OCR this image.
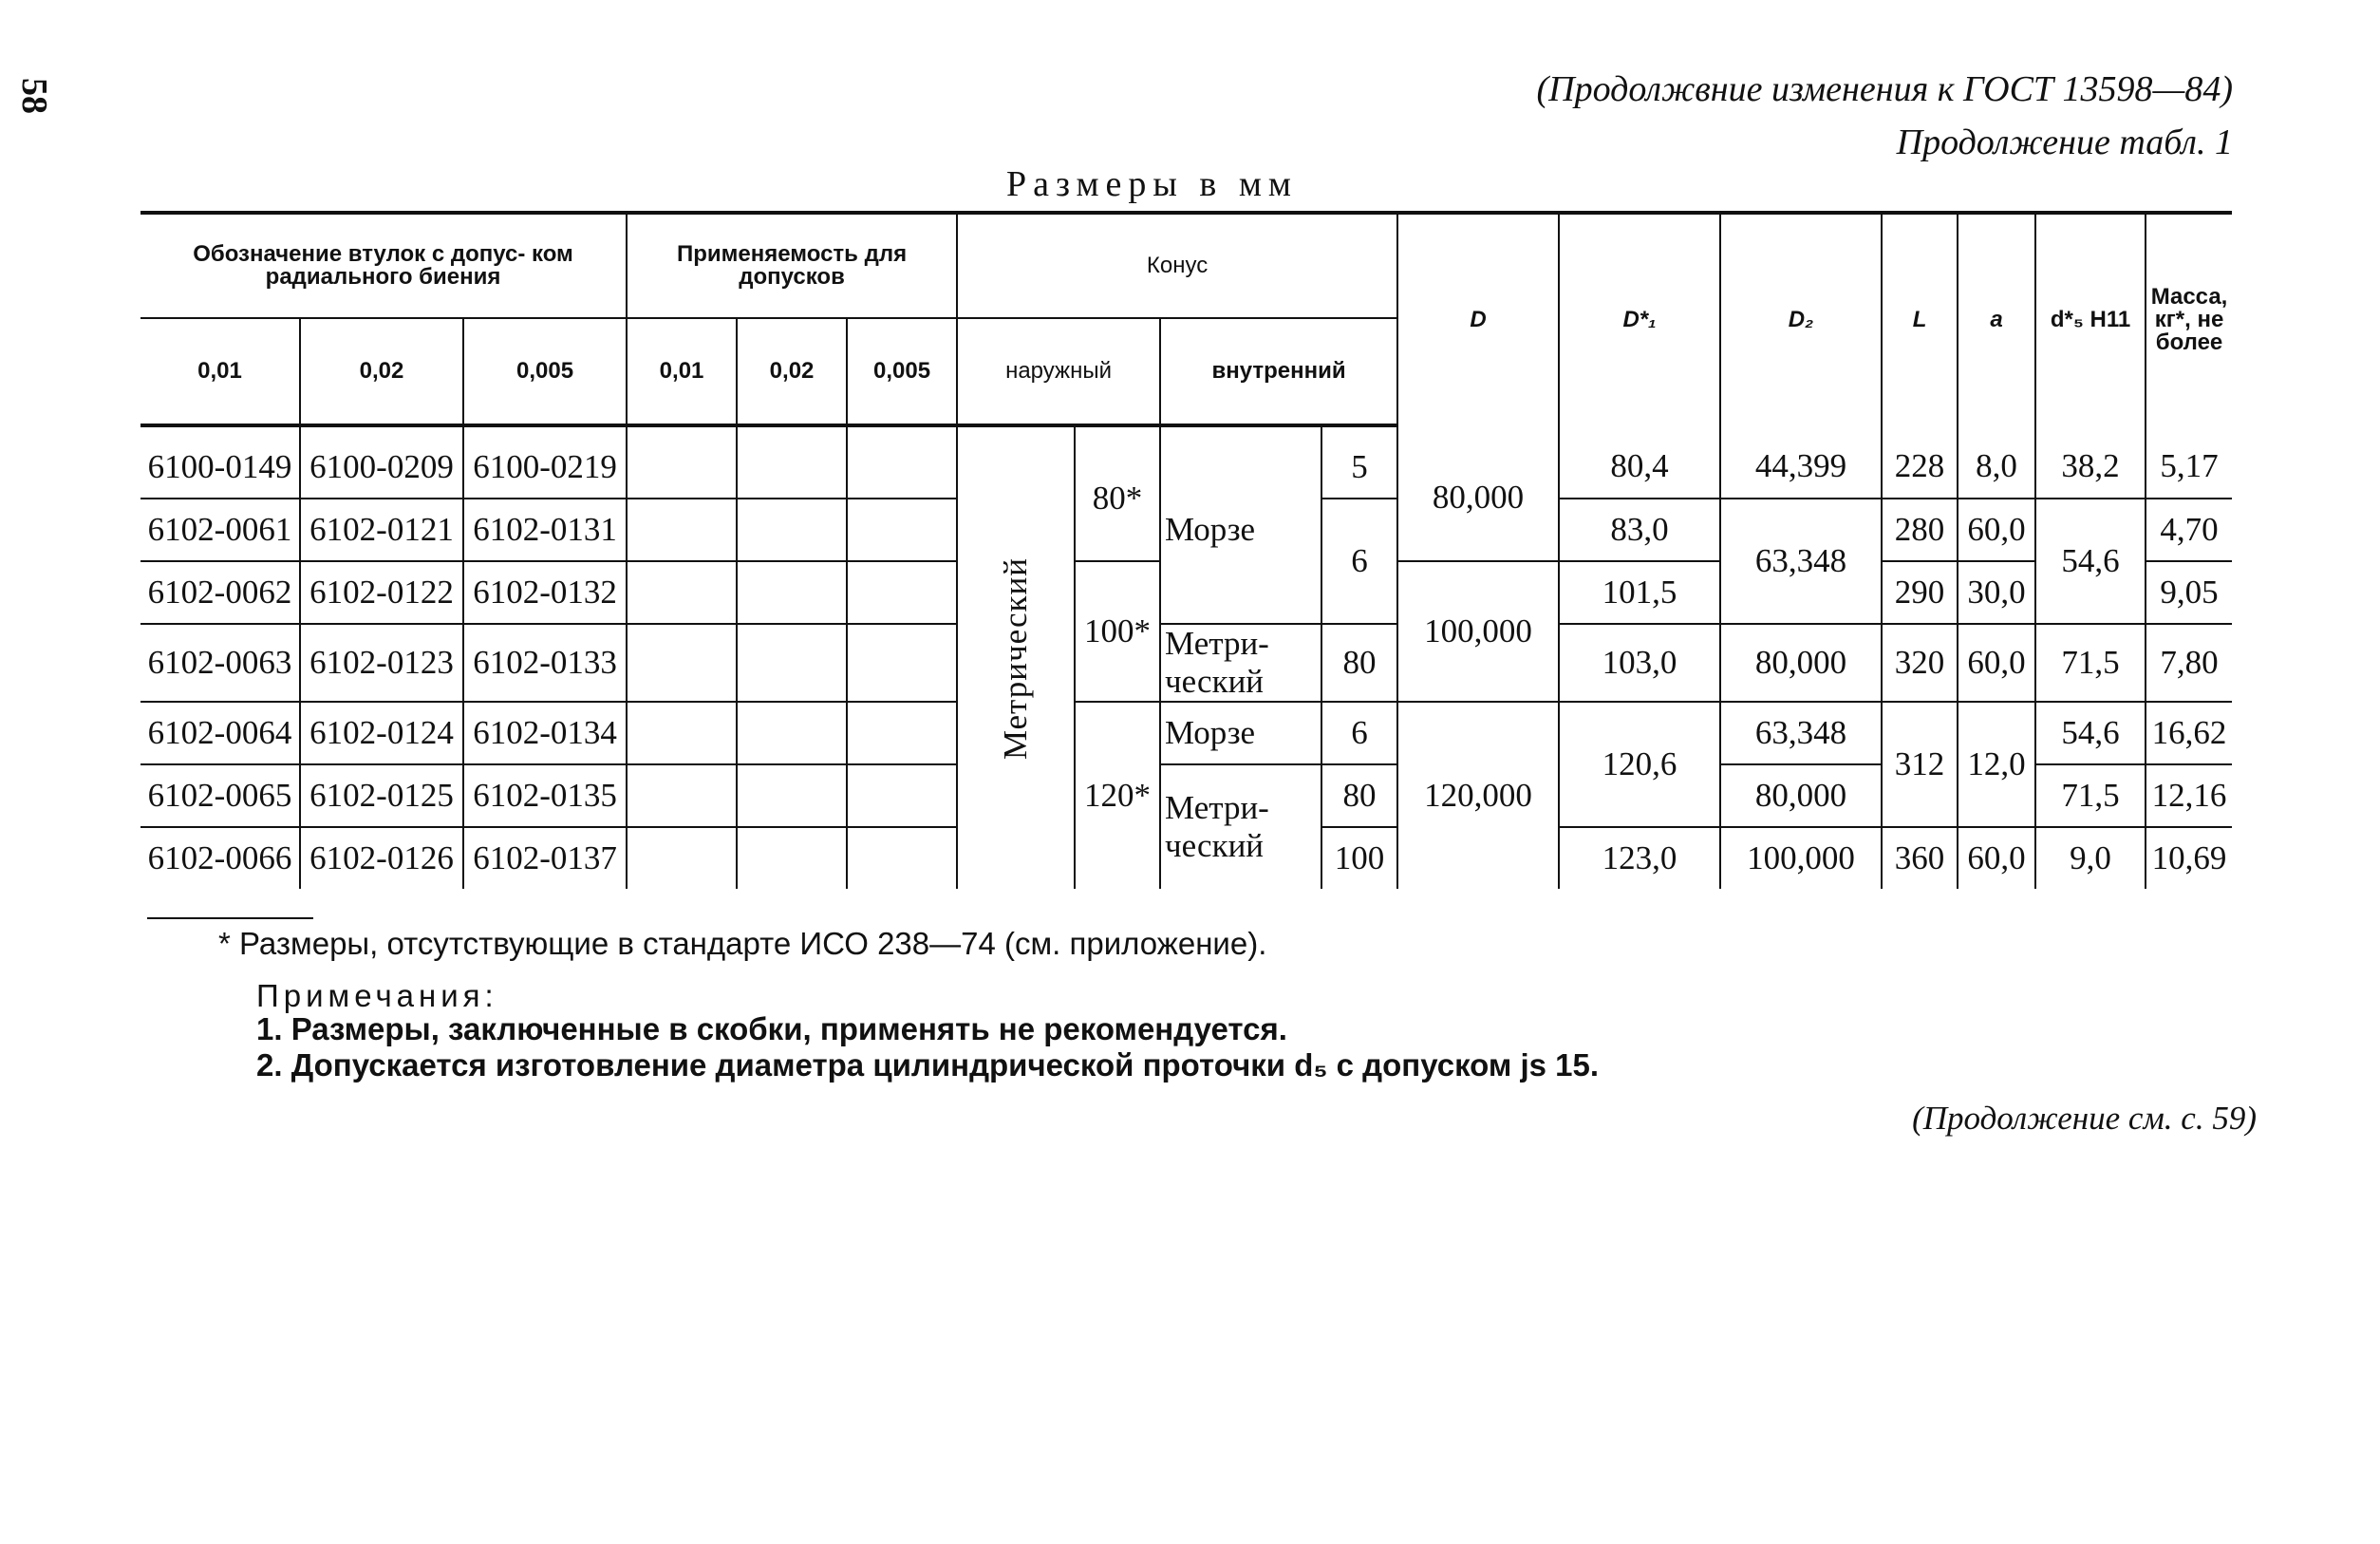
58	(Продолжвние изменения к ГОСТ 13598—84)
Продолжение табл. 1
Размеры в мм
Обозначение втулок с допус- ком радиального биения			Применяемость для допусков			Конус				D	D*₁	D₂	L	a	d*₅ H11	Масса, кг*, не более
0,01	0,02	0,005	0,01	0,02	0,005	наружный		внутренний								
6100-0149	6100-0209	6100-0219				Метрический	80*	Морзе	5	80,000	80,4	44,399	228	8,0	38,2	5,17
6102-0061	6102-0121	6102-0131							6		83,0	63,348	280	60,0	54,6	4,70
6102-0062	6102-0122	6102-0132					100*			100,000	101,5		290	30,0		9,05
6102-0063	6102-0123	6102-0133						Метри- ческий	80		103,0	80,000	320	60,0	71,5	7,80
6102-0064	6102-0124	6102-0134					120*	Морзе	6	120,000	120,6	63,348	312	12,0	54,6	16,62
6102-0065	6102-0125	6102-0135						Метри- ческий	80			80,000			71,5	12,16
6102-0066	6102-0126	6102-0137							100		123,0	100,000	360	60,0	9,0	10,69
* Размеры, отсутствующие в стандарте ИСО 238—74 (см. приложение).
Примечания:
1. Размеры, заключенные в скобки, применять не рекомендуется.
2. Допускается изготовление диаметра цилиндрической проточки d₅ с допуском js 15.
(Продолжение см. с. 59)
